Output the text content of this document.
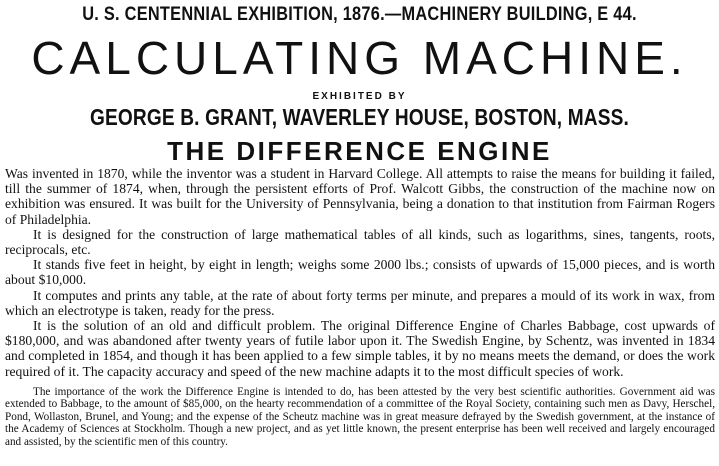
U. S. CENTENNIAL EXHIBITION, 1876.—MACHINERY BUILDING, E 44.
CALCULATING MACHINE.
EXHIBITED BY
GEORGE B. GRANT, WAVERLEY HOUSE, BOSTON, MASS.
THE DIFFERENCE ENGINE

Was invented in 1870, while the inventor was a student in Harvard College. All attempts to raise the means for building it failed, till the summer of 1874, when, through the persistent efforts of Prof. Walcott Gibbs, the construction of the machine now on exhibition was ensured. It was built for the University of Pennsylvania, being a donation to that institution from Fairman Rogers of Philadelphia.

It is designed for the construction of large mathematical tables of all kinds, such as logarithms, sines, tangents, roots, reciprocals, etc.

It stands five feet in height, by eight in length; weighs some 2000 lbs.; consists of upwards of 15,000 pieces, and is worth about $10,000.

It computes and prints any table, at the rate of about forty terms per minute, and prepares a mould of its work in wax, from which an electrotype is taken, ready for the press.

It is the solution of an old and difficult problem. The original Difference Engine of Charles Babbage, cost upwards of $180,000, and was abandoned after twenty years of futile labor upon it. The Swedish Engine, by Schentz, was invented in 1834 and completed in 1854, and though it has been applied to a few simple tables, it by no means meets the demand, or does the work required of it. The capacity accuracy and speed of the new machine adapts it to the most difficult species of work.

The importance of the work the Difference Engine is intended to do, has been attested by the very best scientific authorities. Government aid was extended to Babbage, to the amount of $85,000, on the hearty recommendation of a committee of the Royal Society, containing such men as Davy, Herschel, Pond, Wollaston, Brunel, and Young; and the expense of the Scheutz machine was in great measure defrayed by the Swedish government, at the instance of the Academy of Sciences at Stockholm. Though a new project, and as yet little known, the present enterprise has been well received and largely encouraged and assisted, by the scientific men of this country.
